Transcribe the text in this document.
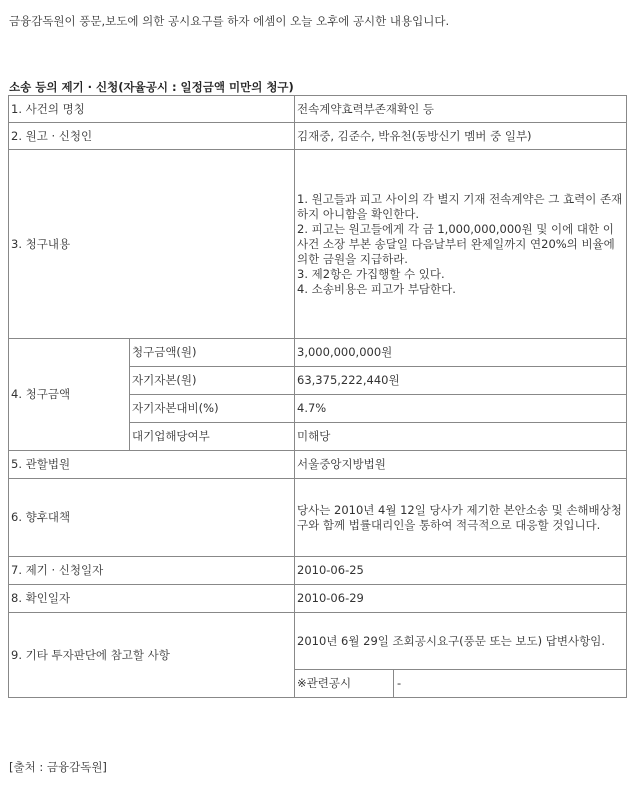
금융감독원이 풍문,보도에 의한 공시요구를 하자 에셈이 오늘 오후에 공시한 내용입니다.
소송 등의 제기 · 신청(자율공시 : 일정금액 미만의 청구)
1. 사건의 명칭		전속계약효력부존재확인 등
2. 원고 · 신청인		김재중, 김준수, 박유천(동방신기 멤버 중 일부)
3. 청구내용		1. 원고들과 피고 사이의 각 별지 기재 전속계약은 그 효력이 존재하지 아니함을 확인한다.
2. 피고는 원고들에게 각 금 1,000,000,000원 및 이에 대한 이 사건 소장 부본 송달일 다음날부터 완제일까지 연20%의 비율에 의한 금원을 지급하라.
3. 제2항은 가집행할 수 있다.
4. 소송비용은 피고가 부담한다.

4. 청구금액	청구금액(원)	3,000,000,000원
	자기자본(원)	63,375,222,440원
	자기자본대비(%)	4.7%
	대기업해당여부	미해당
5. 관할법원		서울중앙지방법원
6. 향후대책		당사는 2010년 4월 12일 당사가 제기한 본안소송 및 손해배상청구와 함께 법률대리인을 통하여 적극적으로 대응할 것입니다.
7. 제기 · 신청일자		2010-06-25
8. 확인일자		2010-06-29
9. 기타 투자판단에 참고할 사항		2010년 6월 29일 조회공시요구(풍문 또는 보도) 답변사항임.

※관련공시 -
[출처 : 금융감독원]
